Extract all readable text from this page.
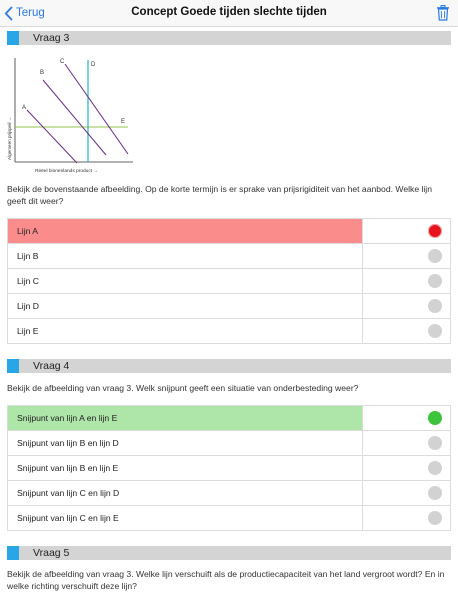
Terug	Concept Goede tijden slechte tijden
Vraag 3
A
B
C	D
E
Algemeen prijspeil →
Reëel binnenlands product →
Bekijk de bovenstaande afbeelding. Op de korte termijn is er sprake van prijsrigiditeit van het aanbod. Welke lijn geeft dit weer?
Lijn A
Lijn B
Lijn C
Lijn D
Lijn E
Vraag 4
Bekijk de afbeelding van vraag 3. Welk snijpunt geeft een situatie van onderbesteding weer?
Snijpunt van lijn A en lijn E
Snijpunt van lijn B en lijn D
Snijpunt van lijn B en lijn E
Snijpunt van lijn C en lijn D
Snijpunt van lijn C en lijn E
Vraag 5
Bekijk de afbeelding van vraag 3. Welke lijn verschuift als de productiecapaciteit van het land vergroot wordt? En in welke richting verschuift deze lijn?
